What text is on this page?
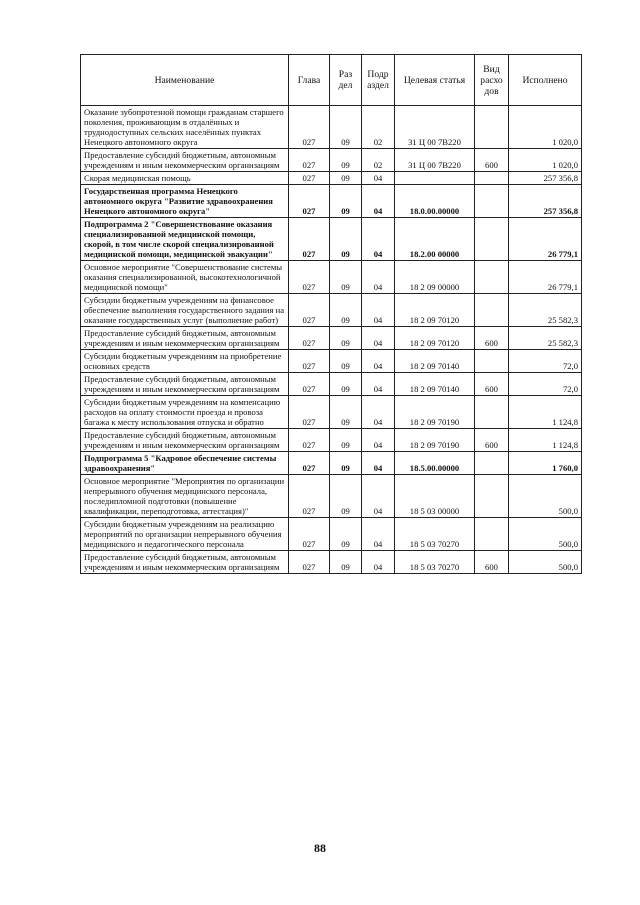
Наименование	Глава	Раз дел	Подр аздел	Целевая статья	Вид расхо дов	Исполнено
Оказание зубопротезной помощи гражданам старшего поколения, проживающим в отдалённых и труднодоступных сельских населённых пунктах Ненецкого автономного округа	027	09	02	31 Ц 00 7В220		1 020,0
Предоставление субсидий бюджетным, автономным учреждениям и иным некоммерческим организациям	027	09	02	31 Ц 00 7В220	600	1 020,0
Скорая медицинская помощь	027	09	04			257 356,8
Государственная программа Ненецкого автономного округа "Развитие здравоохранения Ненецкого автономного округа"	027	09	04	18.0.00.00000		257 356,8
Подпрограмма 2 "Совершенствование оказания специализированной медицинской помощи, скорой, в том числе скорой специализированной медицинской помощи, медицинской эвакуации"	027	09	04	18.2.00 00000		26 779,1
Основное мероприятие "Совершенствование системы оказания специализированной, высокотехнологичной медицинской помощи"	027	09	04	18 2 09 00000		26 779,1
Субсидии бюджетным учреждениям на финансовое обеспечение выполнения государственного задания на оказание государственных услуг (выполнение работ)	027	09	04	18 2 09 70120		25 582,3
Предоставление субсидий бюджетным, автономным учреждениям и иным некоммерческим организациям	027	09	04	18 2 09 70120	600	25 582,3
Субсидии бюджетным учреждениям на приобретение основных средств	027	09	04	18 2 09 70140		72,0
Предоставление субсидий бюджетным, автономным учреждениям и иным некоммерческим организациям	027	09	04	18 2 09 70140	600	72,0
Субсидии бюджетным учреждениям на компенсацию расходов на оплату стоимости проезда и провоза багажа к месту использования отпуска и обратно	027	09	04	18 2 09 70190		1 124,8
Предоставление субсидий бюджетным, автономным учреждениям и иным некоммерческим организациям	027	09	04	18 2 09 70190	600	1 124,8
Подпрограмма 5 "Кадровое обеспечение системы здравоохранения"	027	09	04	18.5.00.00000		1 760,0
Основное мероприятие "Мероприятия по организации непрерывного обучения медицинского персонала, последипломной подготовки (повышение квалификации, переподготовка, аттестация)"	027	09	04	18 5 03 00000		500,0
Субсидии бюджетным учреждениям на реализацию мероприятий по организации непрерывного обучения медицинского и педагогического персонала	027	09	04	18 5 03 70270		500,0
Предоставление субсидий бюджетным, автономным учреждениям и иным некоммерческим организациям	027	09	04	18 5 03 70270	600	500,0
88
